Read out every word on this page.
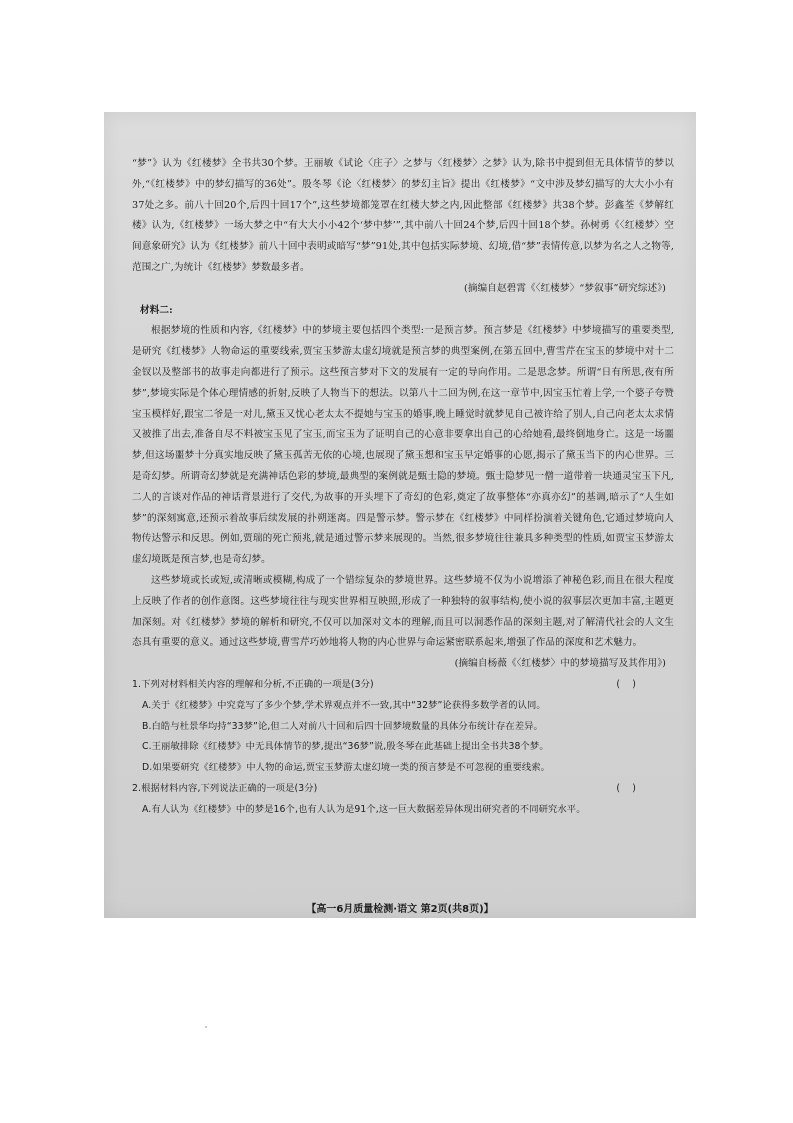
“梦”》认为《红楼梦》全书共30个梦。王丽敏《试论〈庄子〉之梦与〈红楼梦〉之梦》认为,除书中提到但无具体情节的梦以外,“《红楼梦》中的梦幻描写的36处”。殷冬琴《论〈红楼梦〉的梦幻主旨》提出《红楼梦》“文中涉及梦幻描写的大大小小有37处之多。前八十回20个,后四十回17个”,这些梦境都笼罩在红楼大梦之内,因此整部《红楼梦》共38个梦。彭鑫荃《梦解红楼》认为,《红楼梦》一场大梦之中“有大大小小42个‘梦中梦’”,其中前八十回24个梦,后四十回18个梦。孙树勇《〈红楼梦〉空间意象研究》认为《红楼梦》前八十回中表明或暗写“梦”91处,其中包括实际梦境、幻境,借“梦”表情传意,以梦为名之人之物等,范围之广,为统计《红楼梦》梦数最多者。

(摘编自赵碧霄《〈红楼梦〉“梦叙事”研究综述》)

材料二:

根据梦境的性质和内容,《红楼梦》中的梦境主要包括四个类型:一是预言梦。预言梦是《红楼梦》中梦境描写的重要类型,是研究《红楼梦》人物命运的重要线索,贾宝玉梦游太虚幻境就是预言梦的典型案例,在第五回中,曹雪芹在宝玉的梦境中对十二金钗以及整部书的故事走向都进行了预示。这些预言梦对下文的发展有一定的导向作用。二是思念梦。所谓“日有所思,夜有所梦”,梦境实际是个体心理情感的折射,反映了人物当下的想法。以第八十二回为例,在这一章节中,因宝玉忙着上学,一个婆子夸赞宝玉模样好,跟宝二爷是一对儿,黛玉又忧心老太太不提她与宝玉的婚事,晚上睡觉时就梦见自己被许给了别人,自己向老太太求情又被推了出去,准备自尽不料被宝玉见了宝玉,而宝玉为了证明自己的心意非要拿出自己的心给她看,最终倒地身亡。这是一场噩梦,但这场噩梦十分真实地反映了黛玉孤苦无依的心境,也展现了黛玉想和宝玉早定婚事的心愿,揭示了黛玉当下的内心世界。三是奇幻梦。所谓奇幻梦就是充满神话色彩的梦境,最典型的案例就是甄士隐的梦境。甄士隐梦见一僧一道带着一块通灵宝玉下凡,二人的言谈对作品的神话背景进行了交代,为故事的开头埋下了奇幻的色彩,奠定了故事整体“亦真亦幻”的基调,暗示了“人生如梦”的深刻寓意,还预示着故事后续发展的扑朔迷离。四是警示梦。警示梦在《红楼梦》中同样扮演着关键角色,它通过梦境向人物传达警示和反思。例如,贾瑞的死亡预兆,就是通过警示梦来展现的。当然,很多梦境往往兼具多种类型的性质,如贾宝玉梦游太虚幻境既是预言梦,也是奇幻梦。

这些梦境或长或短,或清晰或模糊,构成了一个错综复杂的梦境世界。这些梦境不仅为小说增添了神秘色彩,而且在很大程度上反映了作者的创作意图。这些梦境往往与现实世界相互映照,形成了一种独特的叙事结构,使小说的叙事层次更加丰富,主题更加深刻。对《红楼梦》梦境的解析和研究,不仅可以加深对文本的理解,而且可以洞悉作品的深刻主题,对了解清代社会的人文生态具有重要的意义。通过这些梦境,曹雪芹巧妙地将人物的内心世界与命运紧密联系起来,增强了作品的深度和艺术魅力。

(摘编自杨薇《〈红楼梦〉中的梦境描写及其作用》)

1.下列对材料相关内容的理解和分析,不正确的一项是(3分)	(    )

A.关于《红楼梦》中究竟写了多少个梦,学术界观点并不一致,其中“32梦”论获得多数学者的认同。

B.白皓与杜景华均持“33梦”论,但二人对前八十回和后四十回梦境数量的具体分布统计存在差异。

C.王丽敏排除《红楼梦》中无具体情节的梦,提出“36梦”说,殷冬琴在此基础上提出全书共38个梦。

D.如果要研究《红楼梦》中人物的命运,贾宝玉梦游太虚幻境一类的预言梦是不可忽视的重要线索。

2.根据材料内容,下列说法正确的一项是(3分)	(    )

A.有人认为《红楼梦》中的梦是16个,也有人认为是91个,这一巨大数据差异体现出研究者的不同研究水平。

【高一6月质量检测·语文 第2页(共8页)】
